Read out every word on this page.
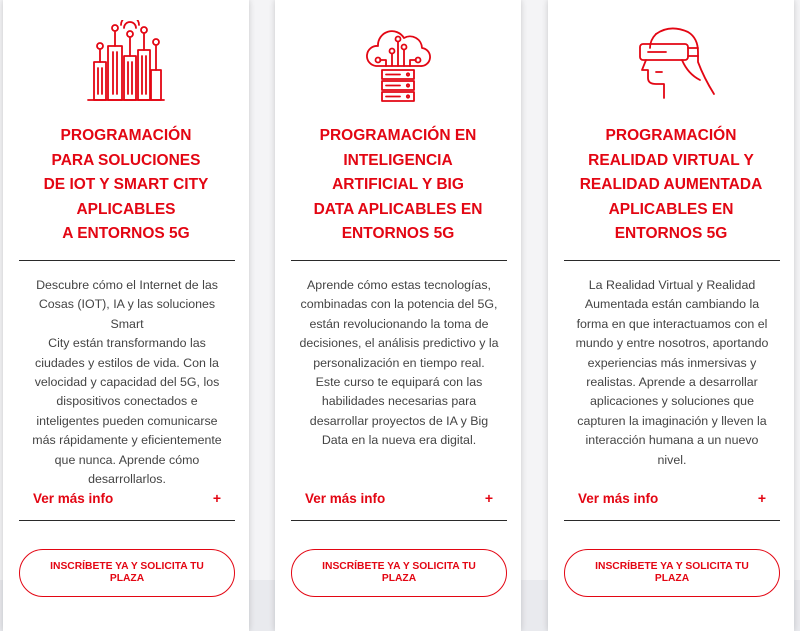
PROGRAMACIÓN
PARA SOLUCIONES
DE IOT Y SMART CITY
APLICABLES
A ENTORNOS 5G
Descubre cómo el Internet de las
Cosas (IOT), IA y las soluciones Smart
City están transformando las
ciudades y estilos de vida. Con la
velocidad y capacidad del 5G, los
dispositivos conectados e
inteligentes pueden comunicarse
más rápidamente y eficientemente
que nunca. Aprende cómo
desarrollarlos.
Ver más info	+
INSCRÍBETE YA Y SOLICITA TU
PLAZA
PROGRAMACIÓN EN
INTELIGENCIA
ARTIFICIAL Y BIG
DATA APLICABLES EN
ENTORNOS 5G
Aprende cómo estas tecnologías,
combinadas con la potencia del 5G,
están revolucionando la toma de
decisiones, el análisis predictivo y la
personalización en tiempo real.
Este curso te equipará con las
habilidades necesarias para
desarrollar proyectos de IA y Big
Data en la nueva era digital.
Ver más info	+
INSCRÍBETE YA Y SOLICITA TU
PLAZA
PROGRAMACIÓN
REALIDAD VIRTUAL Y
REALIDAD AUMENTADA
APLICABLES EN
ENTORNOS 5G
La Realidad Virtual y Realidad
Aumentada están cambiando la
forma en que interactuamos con el
mundo y entre nosotros, aportando
experiencias más inmersivas y
realistas. Aprende a desarrollar
aplicaciones y soluciones que
capturen la imaginación y lleven la
interacción humana a un nuevo
nivel.
Ver más info	+
INSCRÍBETE YA Y SOLICITA TU
PLAZA
